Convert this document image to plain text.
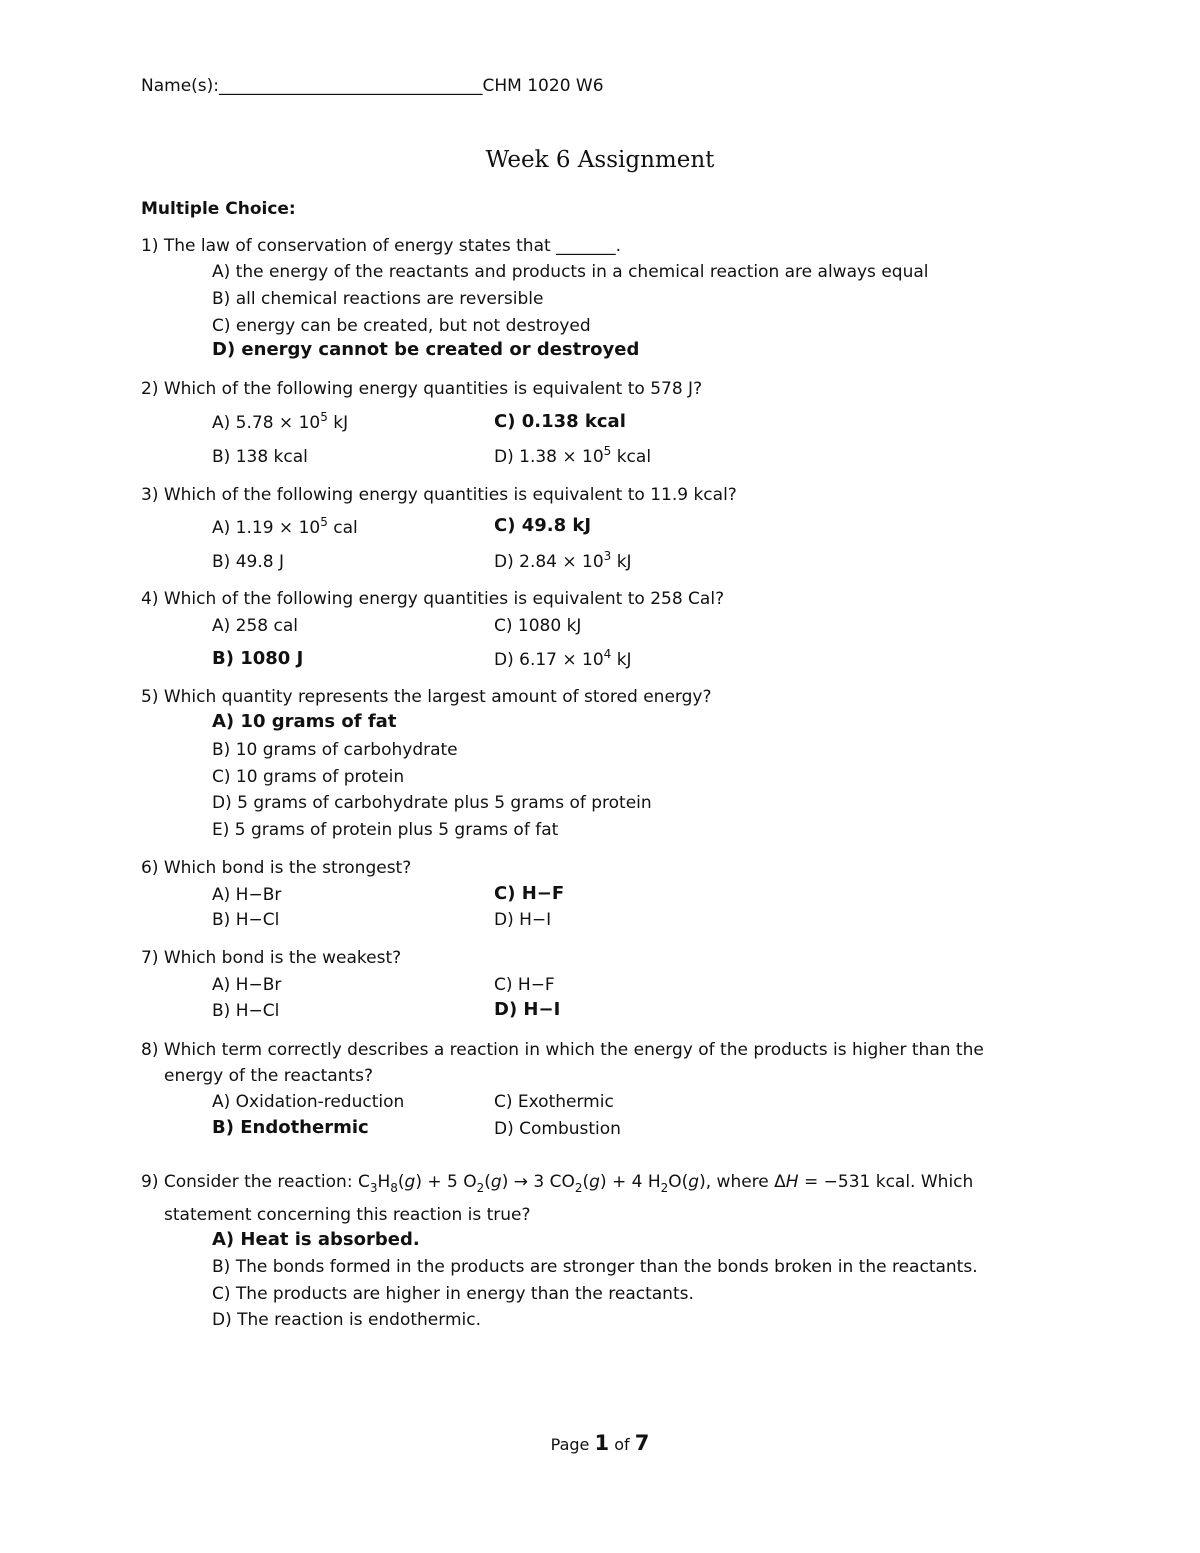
Name(s):_______________________________CHM 1020 W6
Week 6 Assignment
Multiple Choice:
1) The law of conservation of energy states that _______.
A) the energy of the reactants and products in a chemical reaction are always equal
B) all chemical reactions are reversible
C) energy can be created, but not destroyed
D) energy cannot be created or destroyed
2) Which of the following energy quantities is equivalent to 578 J?
A) $5.78 \times 10^5$ kJ	C) 0.138 kcal
B) 138 kcal	D) $1.38 \times 10^5$ kcal
3) Which of the following energy quantities is equivalent to 11.9 kcal?
A) $1.19 \times 10^5$ cal	C) 49.8 kJ
B) 49.8 J	D) $2.84 \times 10^3$ kJ
4) Which of the following energy quantities is equivalent to 258 Cal?
A) 258 cal	C) 1080 kJ
B) 1080 J	D) $6.17 \times 10^4$ kJ
5) Which quantity represents the largest amount of stored energy?
A) 10 grams of fat
B) 10 grams of carbohydrate
C) 10 grams of protein
D) 5 grams of carbohydrate plus 5 grams of protein
E) 5 grams of protein plus 5 grams of fat
6) Which bond is the strongest?
A) H−Br	C) H−F
B) H−Cl	D) H−I
7) Which bond is the weakest?
A) H−Br	C) H−F
B) H−Cl	D) H−I
8) Which term correctly describes a reaction in which the energy of the products is higher than the
energy of the reactants?
A) Oxidation-reduction	C) Exothermic
B) Endothermic	D) Combustion
9) Consider the reaction: $C_3H_8(g) + 5$ $O_2(g) \to 3$ $CO_2(g) + 4$ $H_2O(g)$, where ΔH = −531 kcal. Which
statement concerning this reaction is true?
A) Heat is absorbed.
B) The bonds formed in the products are stronger than the bonds broken in the reactants.
C) The products are higher in energy than the reactants.
D) The reaction is endothermic.
Page 1 of 7
